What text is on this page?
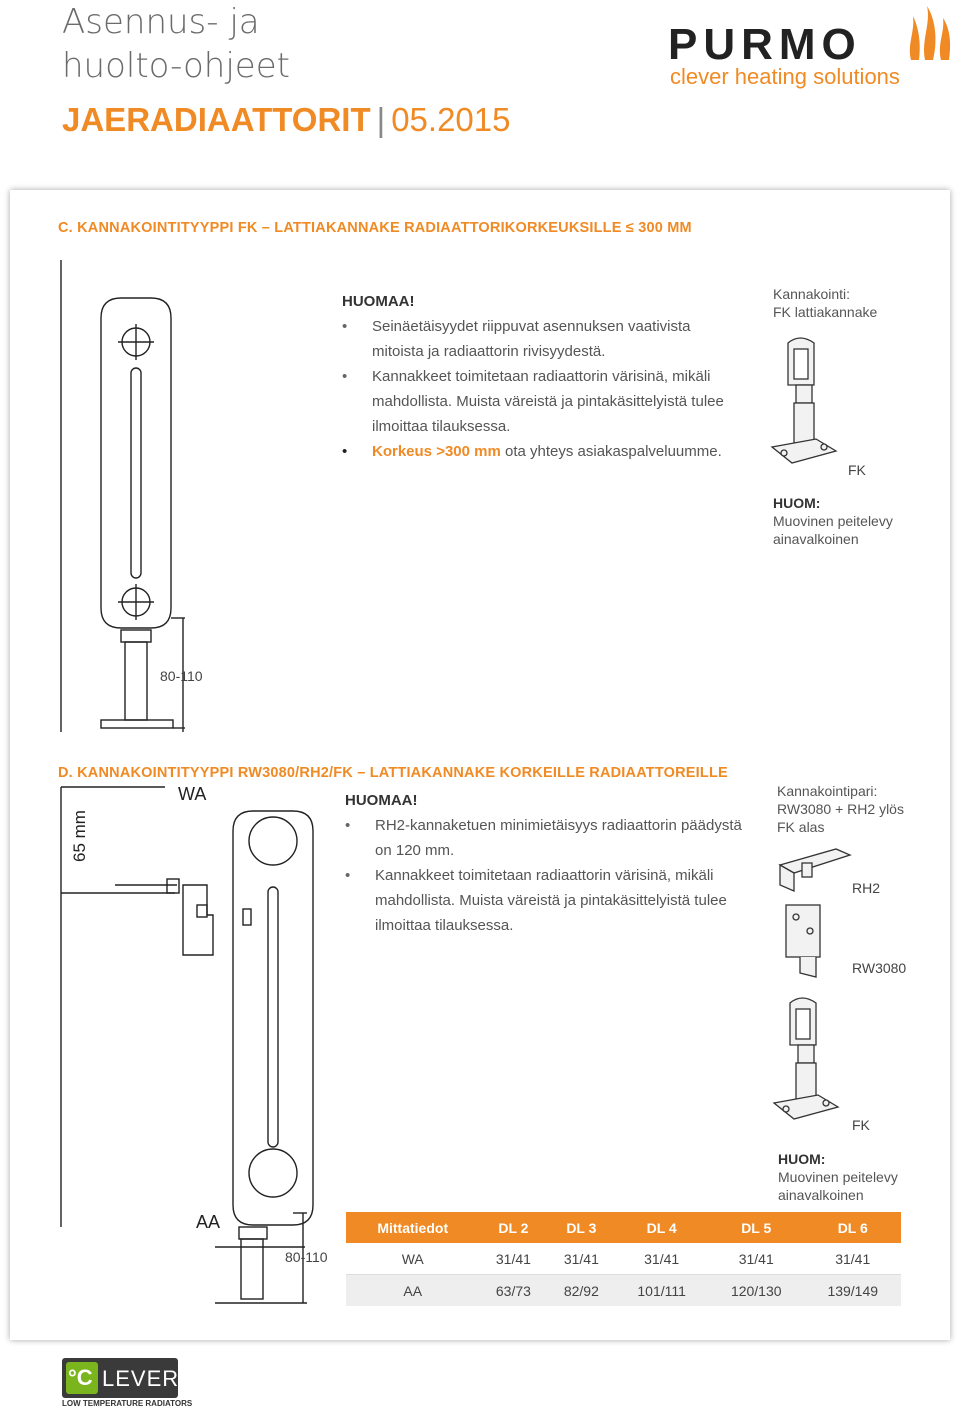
Asennus- ja
huolto-ohjeet
JAERADIAATTORIT | 05.2015
PURMO
clever heating solutions
C. KANNAKOINTITYYPPI FK – LATTIAKANNAKE RADIAATTORIKORKEUKSILLE ≤ 300 MM
80-110
HUOMAA!
• Seinäetäisyydet riippuvat asennuksen vaativista mitoista ja radiaattorin rivisyydestä.
• Kannakkeet toimitetaan radiaattorin värisinä, mikäli mahdollista. Muista väreistä ja pintakäsittelyistä tulee ilmoittaa tilauksessa.
• Korkeus >300 mm ota yhteys asiakaspalveluumme.
Kannakointi:
FK lattiakannake
FK
HUOM:
Muovinen peitelevy
ainavalkoinen
D. KANNAKOINTITYYPPI RW3080/RH2/FK – LATTIAKANNAKE KORKEILLE RADIAATTOREILLE
WA
65 mm
AA
80-110
HUOMAA!
• RH2-kannaketuen minimietäisyys radiaattorin päädystä on 120 mm.
• Kannakkeet toimitetaan radiaattorin värisinä, mikäli mahdollista. Muista väreistä ja pintakäsittelyistä tulee ilmoittaa tilauksessa.
Kannakointipari:
RW3080 + RH2 ylös
FK alas
RH2
RW3080
FK
HUOM:
Muovinen peitelevy
ainavalkoinen
Mittatiedot	DL 2	DL 3	DL 4	DL 5	DL 6
WA	31/41	31/41	31/41	31/41	31/41
AA	63/73	82/92	101/111	120/130	139/149
°C LEVER
LOW TEMPERATURE RADIATORS
